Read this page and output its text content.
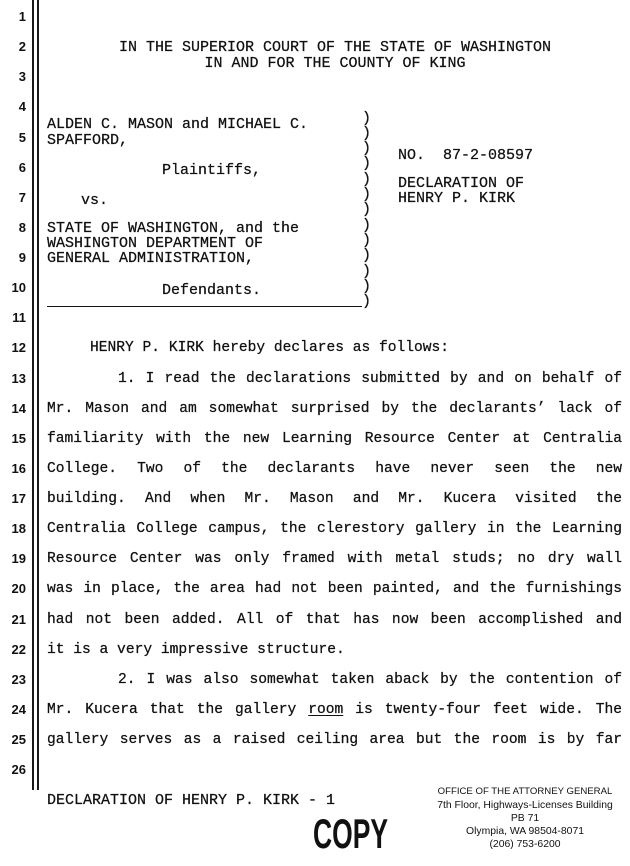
1
2
3
4
5
6
7
8
9
10
11
12
13
14
15
16
17
18
19
20
21
22
23
24
25
26
IN THE SUPERIOR COURT OF THE STATE OF WASHINGTON
IN AND FOR THE COUNTY OF KING
ALDEN C. MASON and MICHAEL C.
SPAFFORD,
Plaintiffs,
vs.
STATE OF WASHINGTON, and the
WASHINGTON DEPARTMENT OF
GENERAL ADMINISTRATION,
Defendants.
)
)
)
)
)
)
)
)
)
)
)
)
)
NO.  87-2-08597
DECLARATION OF
HENRY P. KIRK
HENRY P. KIRK hereby declares as follows:
1. I read the declarations submitted by and on behalf of
Mr. Mason and am somewhat surprised by the declarants’ lack of
familiarity with the new Learning Resource Center at Centralia
College. Two of the declarants have never seen the new
building. And when Mr. Mason and Mr. Kucera visited the
Centralia College campus, the clerestory gallery in the Learning
Resource Center was only framed with metal studs; no dry wall
was in place, the area had not been painted, and the furnishings
had not been added. All of that has now been accomplished and
it is a very impressive structure.
2. I was also somewhat taken aback by the contention of
Mr. Kucera that the gallery room is twenty-four feet wide. The
gallery serves as a raised ceiling area but the room is by far
DECLARATION OF HENRY P. KIRK - 1
COPY
OFFICE OF THE ATTORNEY GENERAL
7th Floor, Highways-Licenses Building
PB 71
Olympia, WA 98504-8071
(206) 753-6200
